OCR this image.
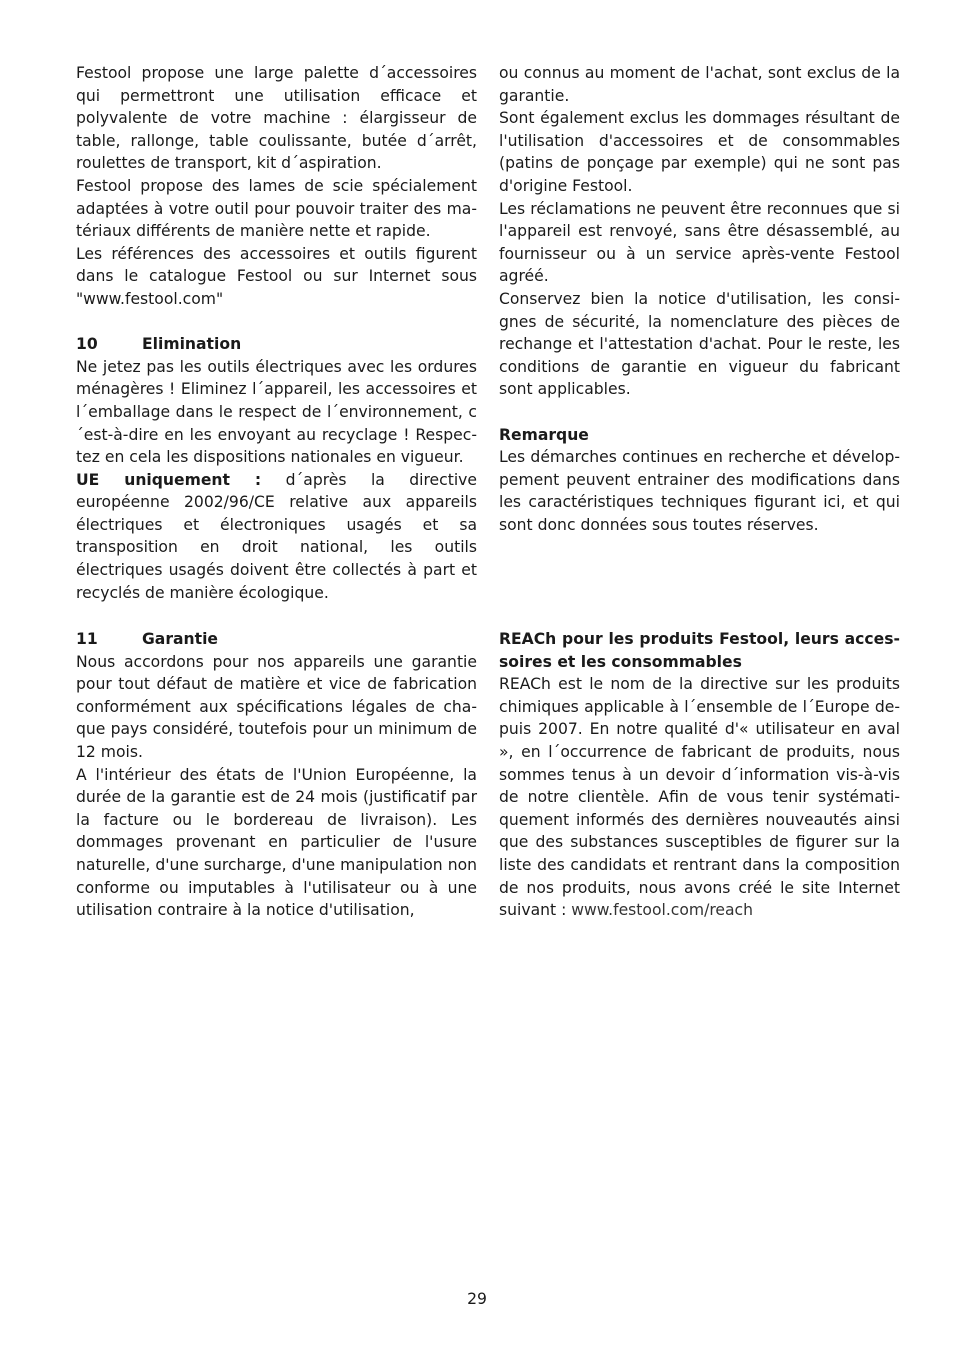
Festool propose une large palette d´accessoires qui permettront une utilisation efficace et polyvalente de votre machine : élargisseur de table, rallonge, table coulissante, butée d´arrêt, roulettes de transport, kit d´aspiration.

Festool propose des lames de scie spécialement adaptées à votre outil pour pouvoir traiter des matériaux différents de manière nette et rapide.

Les références des accessoires et outils figurent dans le catalogue Festool ou sur Internet sous "www.festool.com"

10	Elimination

Ne jetez pas les outils électriques avec les ordures ménagères ! Eliminez l´appareil, les accessoires et l´emballage dans le respect de l´environnement, c´est-à-dire en les envoyant au recyclage ! Respectez en cela les dispositions nationales en vigueur.

UE uniquement : d´après la directive européenne 2002/96/CE relative aux appareils électriques et électroniques usagés et sa transposition en droit national, les outils électriques usagés doivent être collectés à part et recyclés de manière écologique.

11	Garantie

Nous accordons pour nos appareils une garantie pour tout défaut de matière et vice de fabrication conformément aux spécifications légales de chaque pays considéré, toutefois pour un minimum de 12 mois.

A l'intérieur des états de l'Union Européenne, la durée de la garantie est de 24 mois (justificatif par la facture ou le bordereau de livraison). Les dommages provenant en particulier de l'usure naturelle, d'une surcharge, d'une manipulation non conforme ou imputables à l'utilisateur ou à une utilisation contraire à la notice d'utilisation,

ou connus au moment de l'achat, sont exclus de la garantie.

Sont également exclus les dommages résultant de l'utilisation d'accessoires et de consommables (patins de ponçage par exemple) qui ne sont pas d'origine Festool.

Les réclamations ne peuvent être reconnues que si l'appareil est renvoyé, sans être désassemblé, au fournisseur ou à un service après-vente Festool agréé.

Conservez bien la notice d'utilisation, les consignes de sécurité, la nomenclature des pièces de rechange et l'attestation d'achat. Pour le reste, les conditions de garantie en vigueur du fabricant sont applicables.

Remarque

Les démarches continues en recherche et développement peuvent entrainer des modifications dans les caractéristiques techniques figurant ici, et qui sont donc données sous toutes réserves.

REACh pour les produits Festool, leurs accessoires et les consommables

REACh est le nom de la directive sur les produits chimiques applicable à l´ensemble de l´Europe depuis 2007. En notre qualité d'« utilisateur en aval », en l´occurrence de fabricant de produits, nous sommes tenus à un devoir d´information vis-à-vis de notre clientèle. Afin de vous tenir systématiquement informés des dernières nouveautés ainsi que des substances susceptibles de figurer sur la liste des candidats et rentrant dans la composition de nos produits, nous avons créé le site Internet suivant : www.festool.com/reach

29
